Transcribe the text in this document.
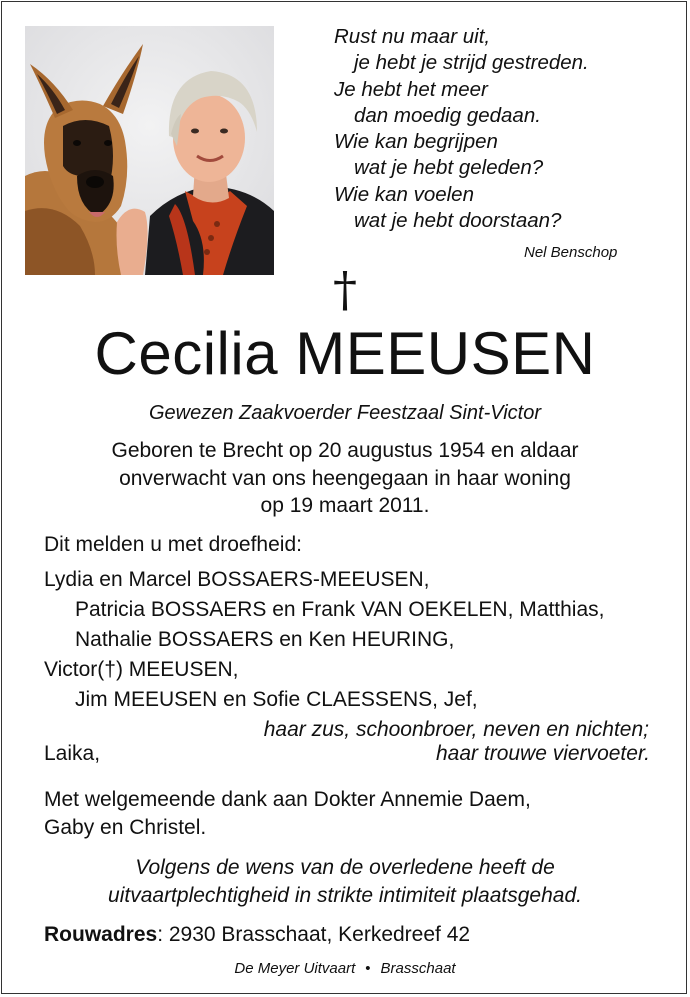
Rust nu maar uit,
je hebt je strijd gestreden.
Je hebt het meer
dan moedig gedaan.
Wie kan begrijpen
wat je hebt geleden?
Wie kan voelen
wat je hebt doorstaan?
Nel Benschop
†
Cecilia MEEUSEN
Gewezen Zaakvoerder Feestzaal Sint-Victor
Geboren te Brecht op 20 augustus 1954 en aldaar
onverwacht van ons heengegaan in haar woning
op 19 maart 2011.
Dit melden u met droefheid:
Lydia en Marcel BOSSAERS-MEEUSEN,
Patricia BOSSAERS en Frank VAN OEKELEN, Matthias,
Nathalie BOSSAERS en Ken HEURING,
Victor(†) MEEUSEN,
Jim MEEUSEN en Sofie CLAESSENS, Jef,
haar zus, schoonbroer, neven en nichten;
Laika,	haar trouwe viervoeter.
Met welgemeende dank aan Dokter Annemie Daem,
Gaby en Christel.
Volgens de wens van de overledene heeft de
uitvaartplechtigheid in strikte intimiteit plaatsgehad.
Rouwadres: 2930 Brasschaat, Kerkedreef 42
De Meyer Uitvaart • Brasschaat
